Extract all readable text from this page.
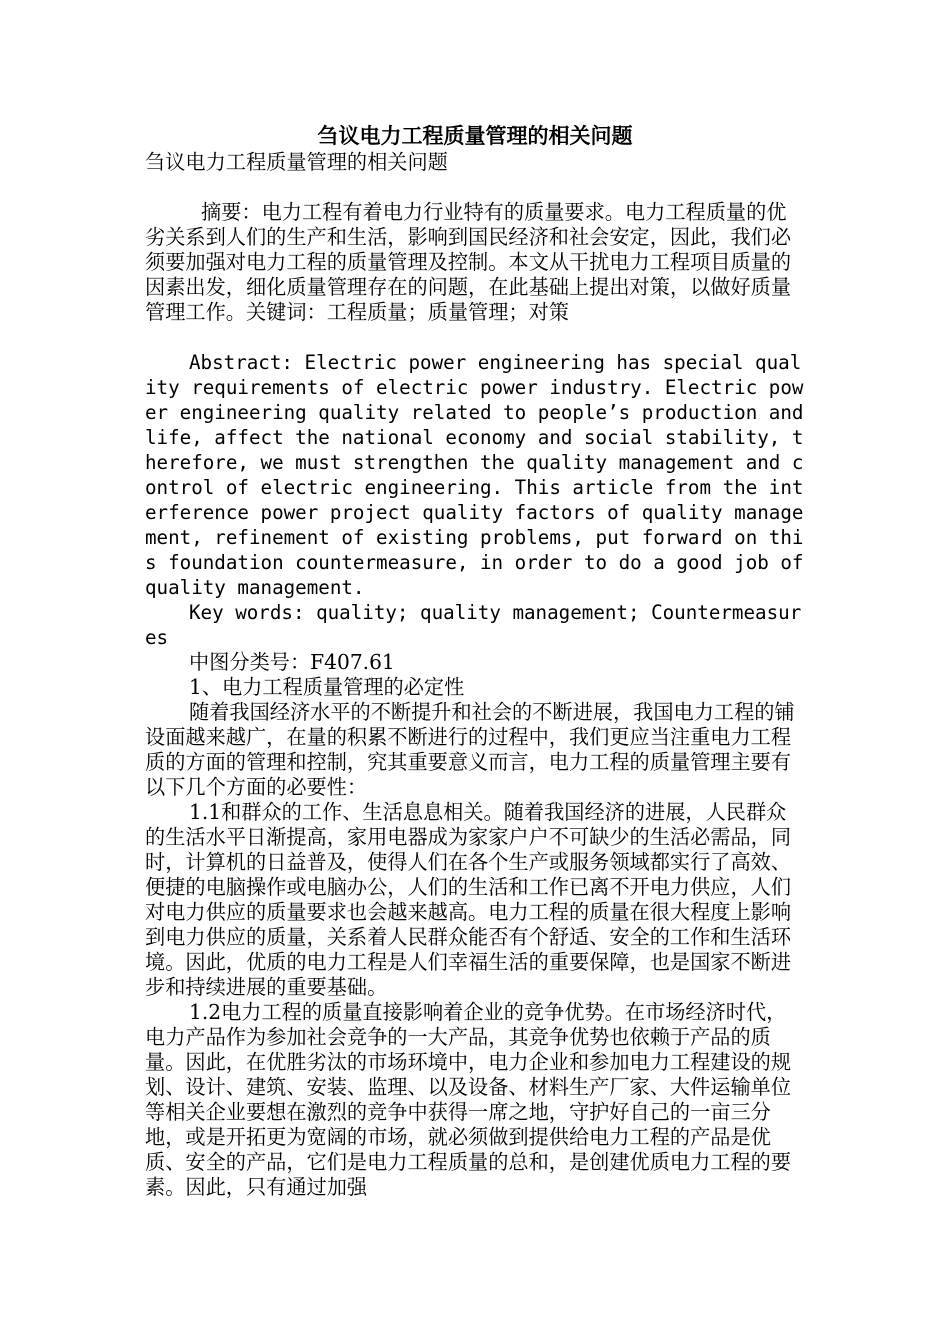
刍议电力工程质量管理的相关问题

刍议电力工程质量管理的相关问题

摘要：电力工程有着电力行业特有的质量要求。电力工程质量的优劣关系到人们的生产和生活，影响到国民经济和社会安定，因此，我们必须要加强对电力工程的质量管理及控制。本文从干扰电力工程项目质量的因素出发，细化质量管理存在的问题，在此基础上提出对策，以做好质量管理工作。关键词：工程质量；质量管理；对策

Abstract: Electric power engineering has special quality requirements of electric power industry. Electric power engineering quality related to people’s production and life, affect the national economy and social stability, therefore, we must strengthen the quality management and control of electric engineering. This article from the interference power project quality factors of quality management, refinement of existing problems, put forward on this foundation countermeasure, in order to do a good job of quality management.

Key words: quality; quality management; Countermeasures

中图分类号：F407.61

1、电力工程质量管理的必定性

随着我国经济水平的不断提升和社会的不断进展，我国电力工程的铺设面越来越广，在量的积累不断进行的过程中，我们更应当注重电力工程质的方面的管理和控制，究其重要意义而言，电力工程的质量管理主要有以下几个方面的必要性：

1.1和群众的工作、生活息息相关。随着我国经济的进展，人民群众的生活水平日渐提高，家用电器成为家家户户不可缺少的生活必需品，同时，计算机的日益普及，使得人们在各个生产或服务领域都实行了高效、便捷的电脑操作或电脑办公，人们的生活和工作已离不开电力供应，人们对电力供应的质量要求也会越来越高。电力工程的质量在很大程度上影响到电力供应的质量，关系着人民群众能否有个舒适、安全的工作和生活环境。因此，优质的电力工程是人们幸福生活的重要保障，也是国家不断进步和持续进展的重要基础。

1.2电力工程的质量直接影响着企业的竞争优势。在市场经济时代，电力产品作为参加社会竞争的一大产品，其竞争优势也依赖于产品的质量。因此，在优胜劣汰的市场环境中，电力企业和参加电力工程建设的规划、设计、建筑、安装、监理、以及设备、材料生产厂家、大件运输单位等相关企业要想在激烈的竞争中获得一席之地，守护好自己的一亩三分地，或是开拓更为宽阔的市场，就必须做到提供给电力工程的产品是优质、安全的产品，它们是电力工程质量的总和，是创建优质电力工程的要素。因此，只有通过加强
